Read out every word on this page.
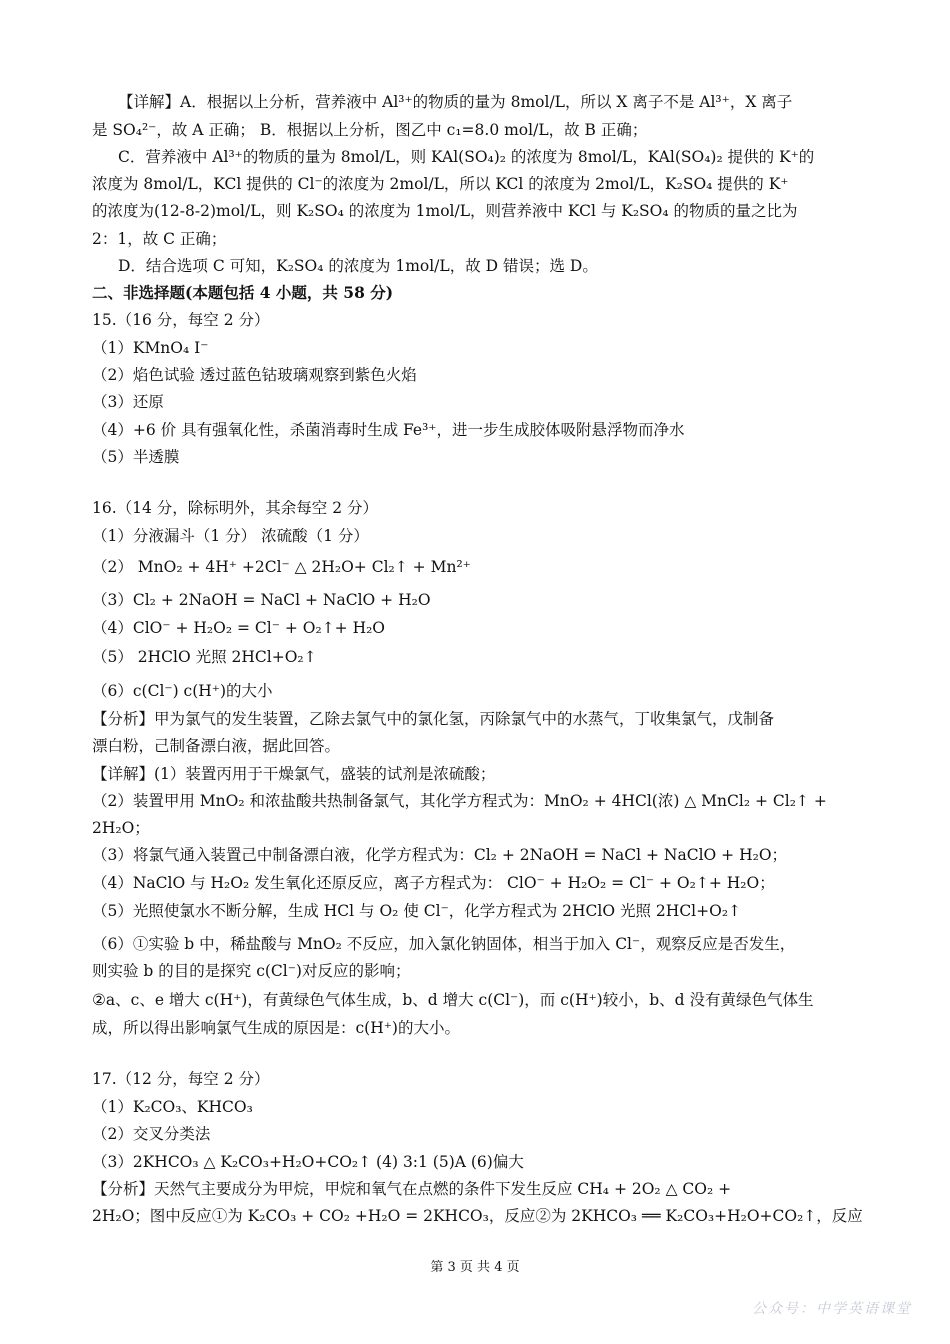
【详解】A．根据以上分析，营养液中 Al³⁺的物质的量为 8mol/L，所以 X 离子不是 Al³⁺，X 离子
是 SO₄²⁻，故 A 正确； B．根据以上分析，图乙中 c₁=8.0 mol/L，故 B 正确；
C．营养液中 Al³⁺的物质的量为 8mol/L，则 KAl(SO₄)₂ 的浓度为 8mol/L，KAl(SO₄)₂ 提供的 K⁺的
浓度为 8mol/L，KCl 提供的 Cl⁻的浓度为 2mol/L，所以 KCl 的浓度为 2mol/L，K₂SO₄ 提供的 K⁺
的浓度为(12-8-2)mol/L，则 K₂SO₄ 的浓度为 1mol/L，则营养液中 KCl 与 K₂SO₄ 的物质的量之比为
2：1，故 C 正确；
D．结合选项 C 可知，K₂SO₄ 的浓度为 1mol/L，故 D 错误；选 D。
二、非选择题(本题包括 4 小题，共 58 分)
15.（16 分，每空 2 分）
（1）KMnO₄ I⁻
（2）焰色试验 透过蓝色钴玻璃观察到紫色火焰
（3）还原
（4）+6 价 具有强氧化性，杀菌消毒时生成 Fe³⁺，进一步生成胶体吸附悬浮物而净水
（5）半透膜
16.（14 分，除标明外，其余每空 2 分）
（1）分液漏斗（1 分） 浓硫酸（1 分）
（2） MnO₂ + 4H⁺ +2Cl⁻ △ 2H₂O+ Cl₂↑ + Mn²⁺
（3）Cl₂ + 2NaOH = NaCl + NaClO + H₂O
（4）ClO⁻ + H₂O₂ = Cl⁻ + O₂↑+ H₂O
（5） 2HClO 光照 2HCl+O₂↑
（6）c(Cl⁻) c(H⁺)的大小
【分析】甲为氯气的发生装置，乙除去氯气中的氯化氢，丙除氯气中的水蒸气，丁收集氯气，戊制备
漂白粉，己制备漂白液，据此回答。
【详解】(1）装置丙用于干燥氯气，盛装的试剂是浓硫酸；
（2）装置甲用 MnO₂ 和浓盐酸共热制备氯气，其化学方程式为：MnO₂ + 4HCl(浓) △ MnCl₂ + Cl₂↑ +
2H₂O；
（3）将氯气通入装置己中制备漂白液，化学方程式为：Cl₂ + 2NaOH = NaCl + NaClO + H₂O；
（4）NaClO 与 H₂O₂ 发生氧化还原反应，离子方程式为： ClO⁻ + H₂O₂ = Cl⁻ + O₂↑+ H₂O；
（5）光照使氯水不断分解，生成 HCl 与 O₂ 使 Cl⁻，化学方程式为 2HClO 光照 2HCl+O₂↑
（6）①实验 b 中，稀盐酸与 MnO₂ 不反应，加入氯化钠固体，相当于加入 Cl⁻，观察反应是否发生，
则实验 b 的目的是探究 c(Cl⁻)对反应的影响；
②a、c、e 增大 c(H⁺)，有黄绿色气体生成，b、d 增大 c(Cl⁻)，而 c(H⁺)较小，b、d 没有黄绿色气体生
成，所以得出影响氯气生成的原因是：c(H⁺)的大小。
17.（12 分，每空 2 分）
（1）K₂CO₃、KHCO₃
（2）交叉分类法
（3）2KHCO₃ △ K₂CO₃+H₂O+CO₂↑ (4) 3:1 (5)A (6)偏大
【分析】天然气主要成分为甲烷，甲烷和氧气在点燃的条件下发生反应 CH₄ + 2O₂ △ CO₂ +
2H₂O；图中反应①为 K₂CO₃ + CO₂ +H₂O = 2KHCO₃，反应②为 2KHCO₃ ══ K₂CO₃+H₂O+CO₂↑，反应
第 3 页 共 4 页
公众号：中学英语课堂
